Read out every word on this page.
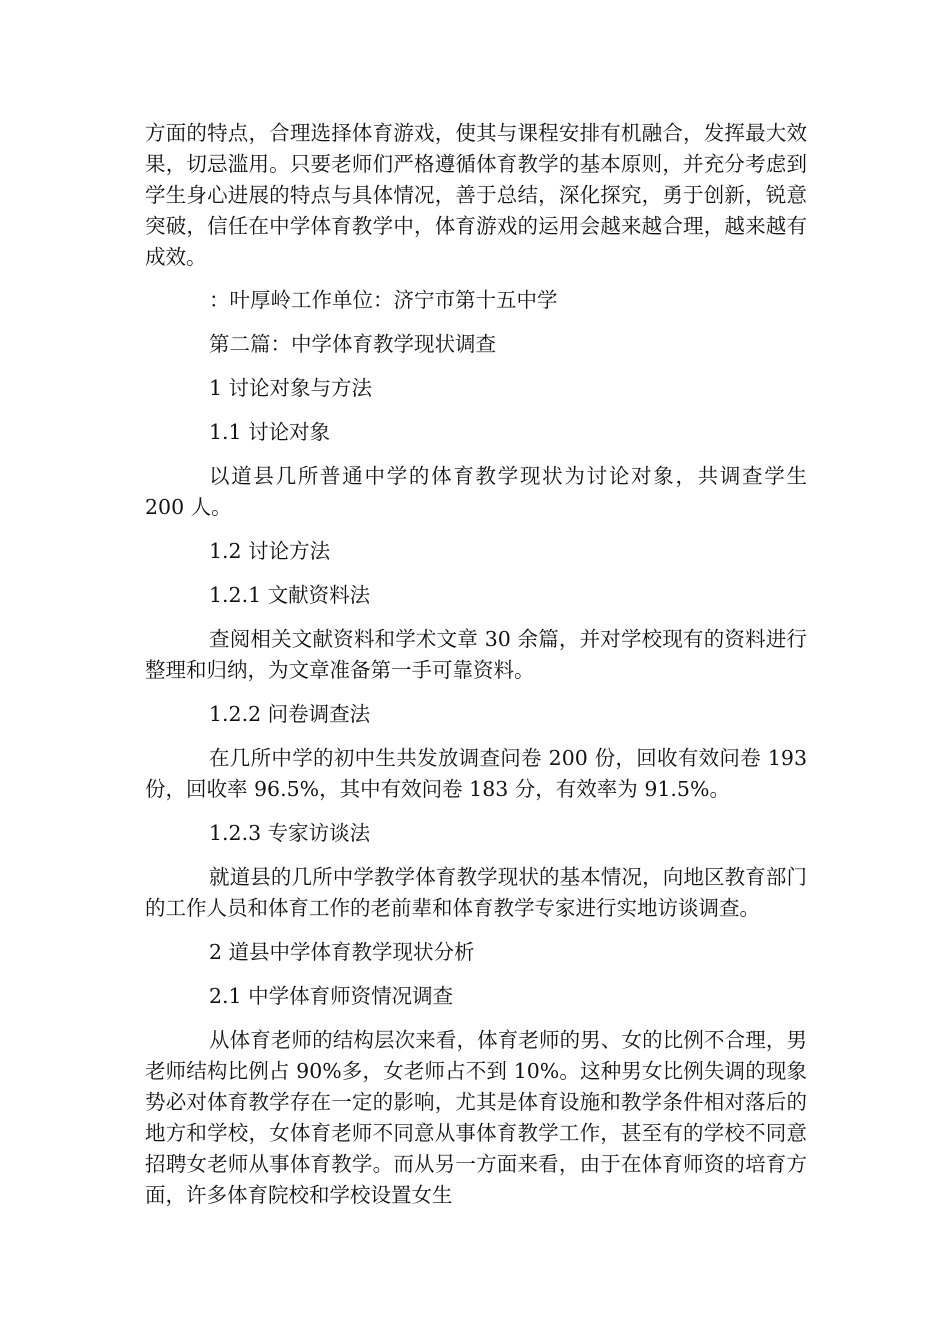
方面的特点，合理选择体育游戏，使其与课程安排有机融合，发挥最大效果，切忌滥用。只要老师们严格遵循体育教学的基本原则，并充分考虑到学生身心进展的特点与具体情况，善于总结，深化探究，勇于创新，锐意突破，信任在中学体育教学中，体育游戏的运用会越来越合理，越来越有成效。

：叶厚岭工作单位：济宁市第十五中学

第二篇：中学体育教学现状调查

1 讨论对象与方法

1.1 讨论对象

以道县几所普通中学的体育教学现状为讨论对象，共调查学生 200 人。

1.2 讨论方法

1.2.1 文献资料法

查阅相关文献资料和学术文章 30 余篇，并对学校现有的资料进行整理和归纳，为文章准备第一手可靠资料。

1.2.2 问卷调查法

在几所中学的初中生共发放调查问卷 200 份，回收有效问卷 193 份，回收率 96.5%，其中有效问卷 183 分，有效率为 91.5%。

1.2.3 专家访谈法

就道县的几所中学教学体育教学现状的基本情况，向地区教育部门的工作人员和体育工作的老前辈和体育教学专家进行实地访谈调查。

2 道县中学体育教学现状分析

2.1 中学体育师资情况调查

从体育老师的结构层次来看，体育老师的男、女的比例不合理，男老师结构比例占 90%多，女老师占不到 10%。这种男女比例失调的现象势必对体育教学存在一定的影响，尤其是体育设施和教学条件相对落后的地方和学校，女体育老师不同意从事体育教学工作，甚至有的学校不同意招聘女老师从事体育教学。而从另一方面来看，由于在体育师资的培育方面，许多体育院校和学校设置女生
